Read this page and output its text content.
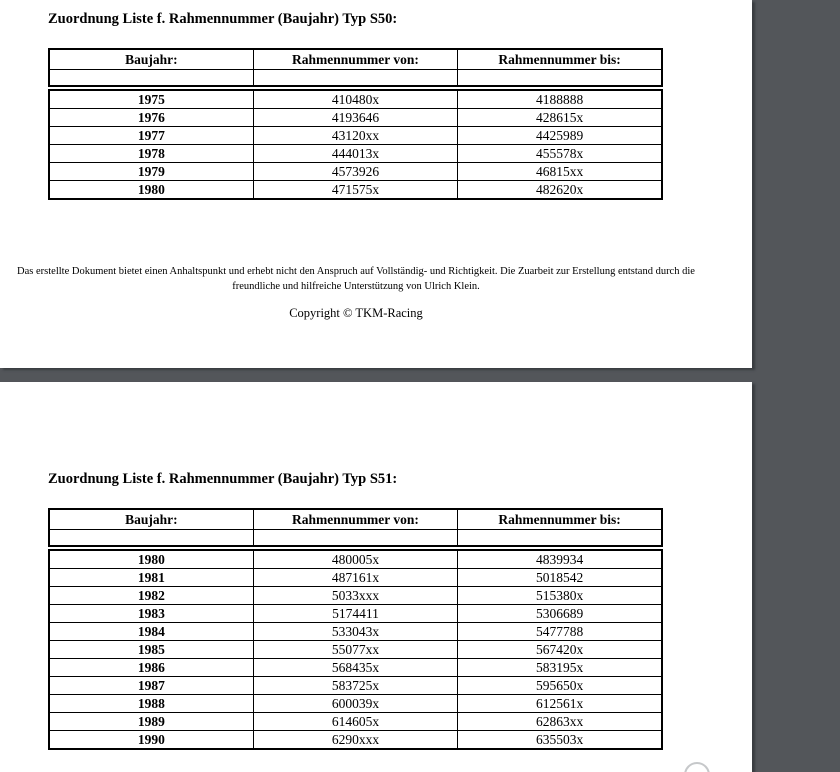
Zuordnung Liste f. Rahmennummer (Baujahr) Typ S50:
Baujahr:	Rahmennummer von:	Rahmennummer bis:

1975	410480x	4188888
1976	4193646	428615x
1977	43120xx	4425989
1978	444013x	455578x
1979	4573926	46815xx
1980	471575x	482620x
Das erstellte Dokument bietet einen Anhaltspunkt und erhebt nicht den Anspruch auf Vollständig- und Richtigkeit. Die Zuarbeit zur Erstellung entstand durch die freundliche und hilfreiche Unterstützung von Ulrich Klein.
Copyright © TKM-Racing
Zuordnung Liste f. Rahmennummer (Baujahr) Typ S51:
Baujahr:	Rahmennummer von:	Rahmennummer bis:

1980	480005x	4839934
1981	487161x	5018542
1982	5033xxx	515380x
1983	5174411	5306689
1984	533043x	5477788
1985	55077xx	567420x
1986	568435x	583195x
1987	583725x	595650x
1988	600039x	612561x
1989	614605x	62863xx
1990	6290xxx	635503x
